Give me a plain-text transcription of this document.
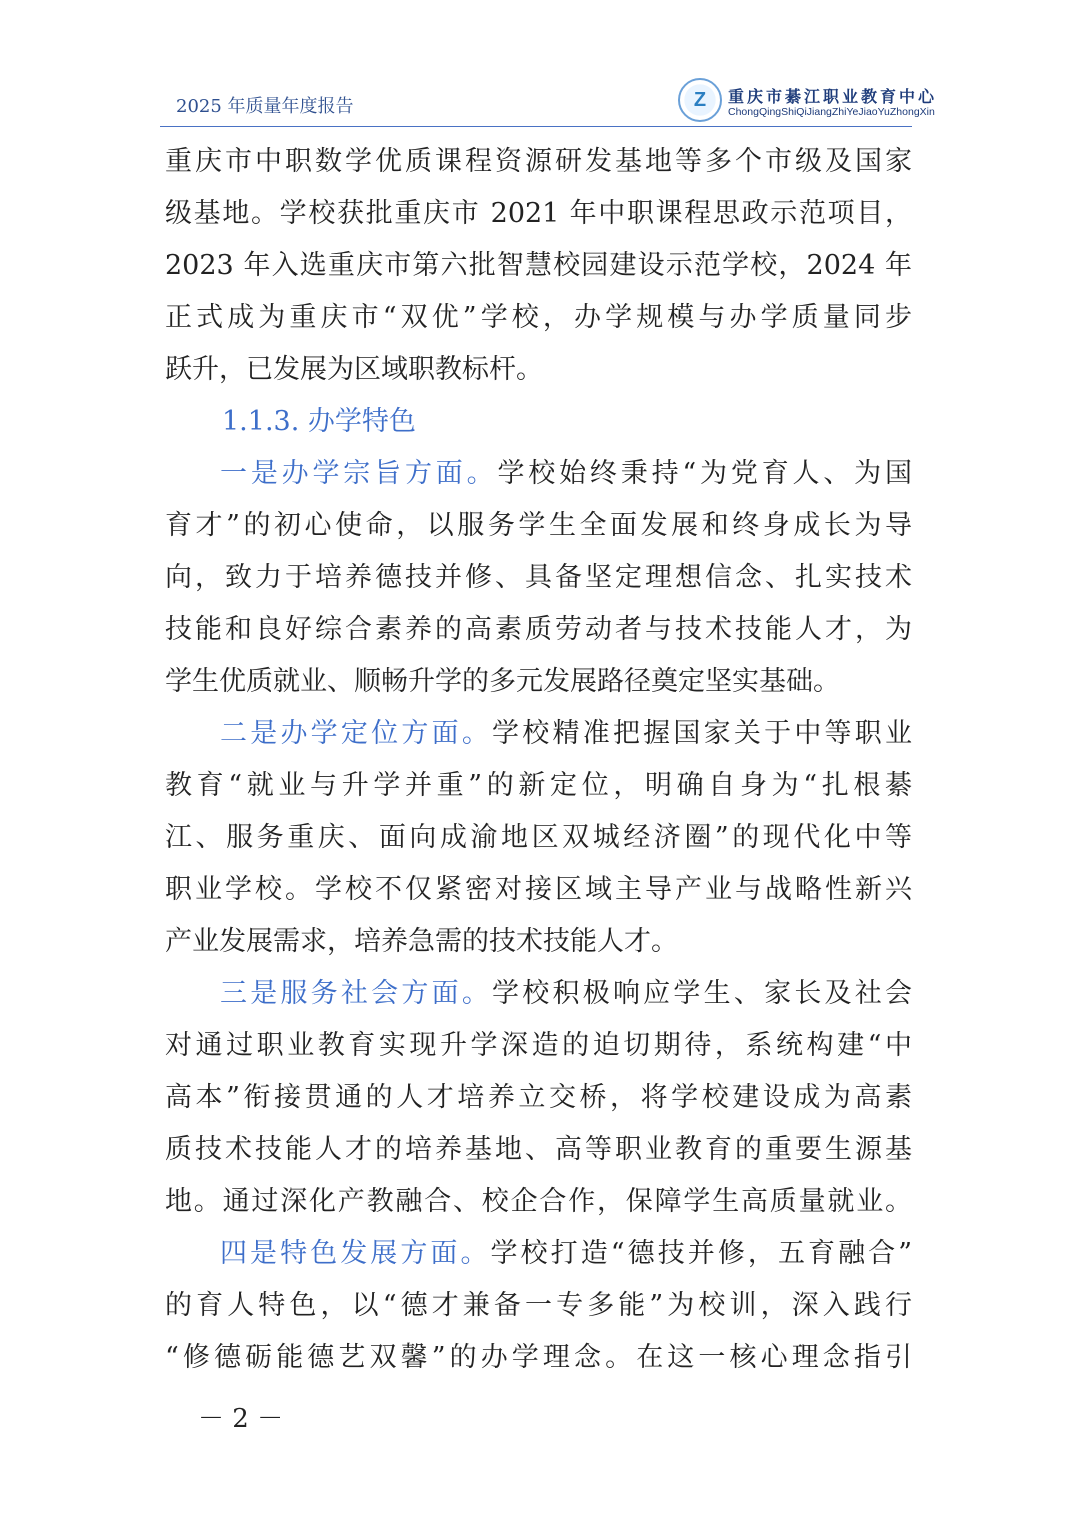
2025 年质量年度报告	Z 重庆市綦江职业教育中心
ChongQingShiQiJiangZhiYeJiaoYuZhongXin
重庆市中职数学优质课程资源研发基地等多个市级及国家
级基地。学校获批重庆市 2021 年中职课程思政示范项目，
2023 年入选重庆市第六批智慧校园建设示范学校，2024 年
正式成为重庆市“双优”学校，办学规模与办学质量同步
跃升，已发展为区域职教标杆。
1.1.3. 办学特色
一是办学宗旨方面。学校始终秉持“为党育人、为国
育才”的初心使命，以服务学生全面发展和终身成长为导
向，致力于培养德技并修、具备坚定理想信念、扎实技术
技能和良好综合素养的高素质劳动者与技术技能人才，为
学生优质就业、顺畅升学的多元发展路径奠定坚实基础。
二是办学定位方面。学校精准把握国家关于中等职业
教育“就业与升学并重”的新定位，明确自身为“扎根綦
江、服务重庆、面向成渝地区双城经济圈”的现代化中等
职业学校。学校不仅紧密对接区域主导产业与战略性新兴
产业发展需求，培养急需的技术技能人才。
三是服务社会方面。学校积极响应学生、家长及社会
对通过职业教育实现升学深造的迫切期待，系统构建“中
高本”衔接贯通的人才培养立交桥，将学校建设成为高素
质技术技能人才的培养基地、高等职业教育的重要生源基
地。通过深化产教融合、校企合作，保障学生高质量就业。
四是特色发展方面。学校打造“德技并修，五育融合”
的育人特色，以“德才兼备一专多能”为校训，深入践行
“修德砺能德艺双馨”的办学理念。在这一核心理念指引
－ 2 －
